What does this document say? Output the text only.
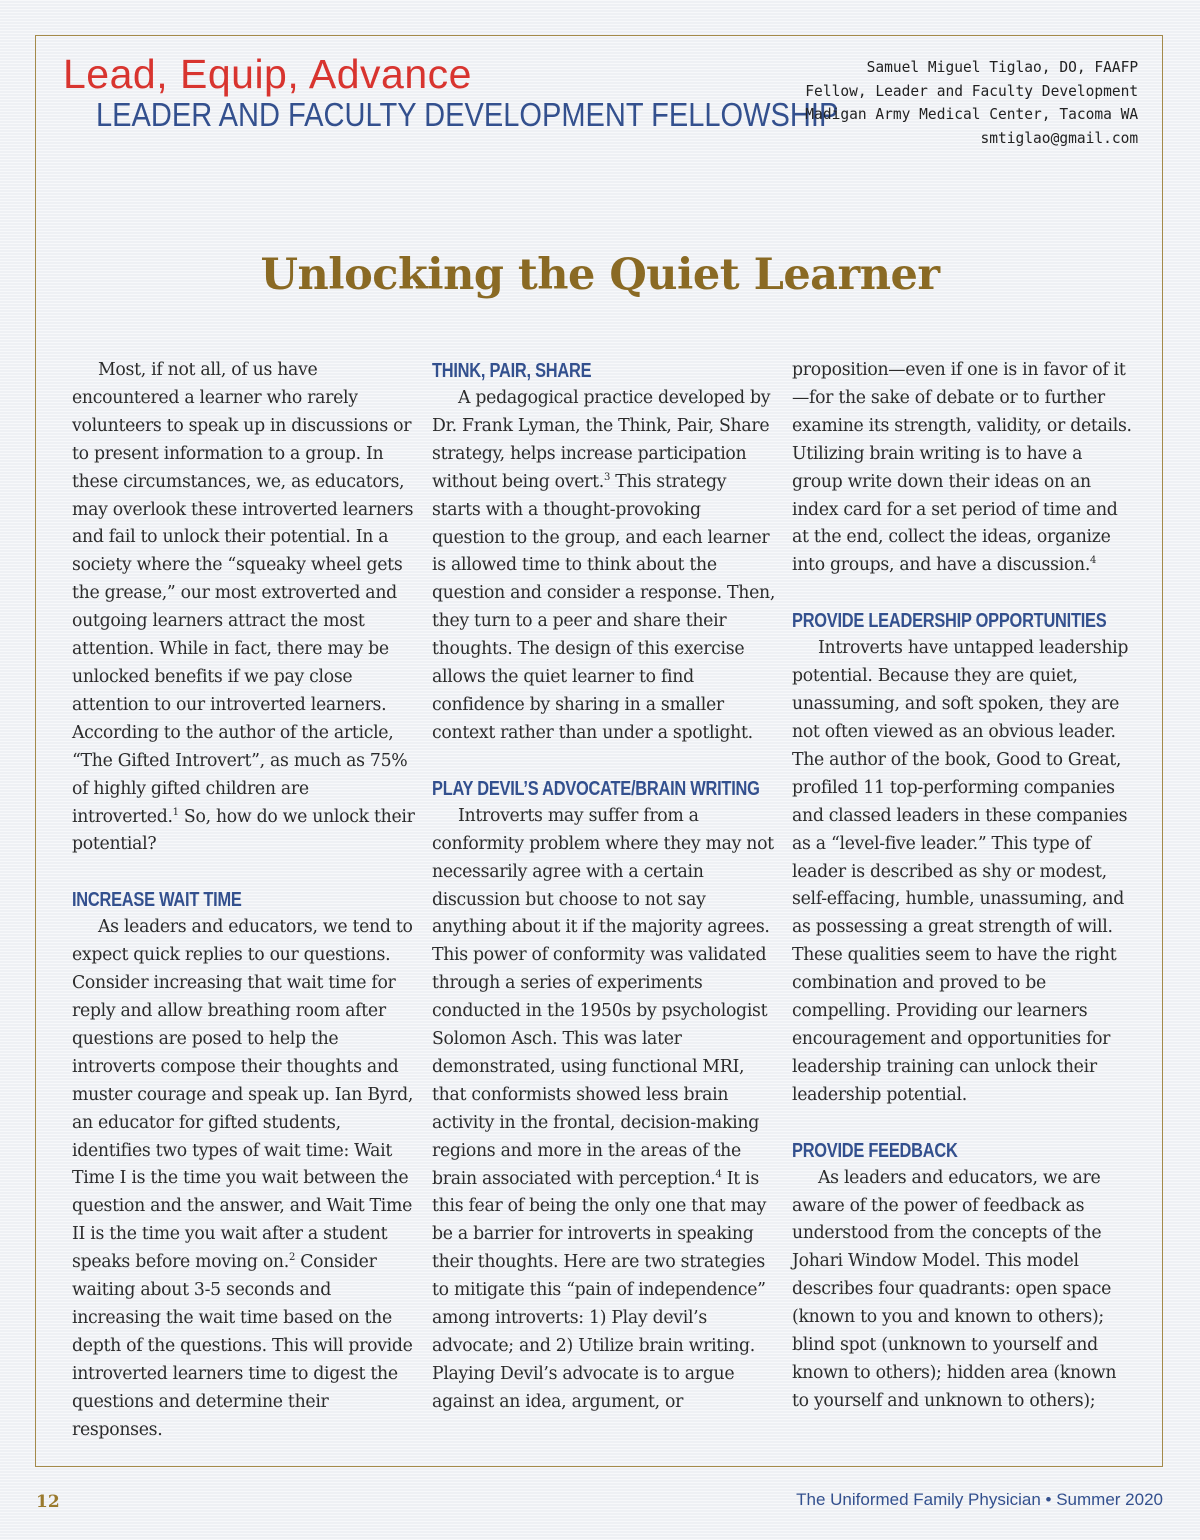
Lead, Equip, Advance
LEADER AND FACULTY DEVELOPMENT FELLOWSHIP
Samuel Miguel Tiglao, DO, FAAFP
Fellow, Leader and Faculty Development
Madigan Army Medical Center, Tacoma WA
smtiglao@gmail.com
Unlocking the Quiet Learner

Most, if not all, of us have encountered a learner who rarely volunteers to speak up in discussions or to present information to a group. In these circumstances, we, as educators, may overlook these introverted learners and fail to unlock their potential. In a society where the “squeaky wheel gets the grease,” our most extroverted and outgoing learners attract the most attention. While in fact, there may be unlocked benefits if we pay close attention to our introverted learners. According to the author of the article, “The Gifted Introvert”, as much as 75% of highly gifted children are introverted.$^1$ So, how do we unlock their potential?

INCREASE WAIT TIME

As leaders and educators, we tend to expect quick replies to our questions. Consider increasing that wait time for reply and allow breathing room after questions are posed to help the introverts compose their thoughts and muster courage and speak up. Ian Byrd, an educator for gifted students, identifies two types of wait time: Wait Time I is the time you wait between the question and the answer, and Wait Time II is the time you wait after a student speaks before moving on.$^2$ Consider waiting about 3-5 seconds and increasing the wait time based on the depth of the questions. This will provide introverted learners time to digest the questions and determine their responses.

THINK, PAIR, SHARE

A pedagogical practice developed by Dr. Frank Lyman, the Think, Pair, Share strategy, helps increase participation without being overt.$^3$ This strategy starts with a thought-provoking question to the group, and each learner is allowed time to think about the question and consider a response. Then, they turn to a peer and share their thoughts. The design of this exercise allows the quiet learner to find confidence by sharing in a smaller context rather than under a spotlight.

PLAY DEVIL’S ADVOCATE/BRAIN WRITING

Introverts may suffer from a conformity problem where they may not necessarily agree with a certain discussion but choose to not say anything about it if the majority agrees. This power of conformity was validated through a series of experiments conducted in the 1950s by psychologist Solomon Asch. This was later demonstrated, using functional MRI, that conformists showed less brain activity in the frontal, decision-making regions and more in the areas of the brain associated with perception.$^4$ It is this fear of being the only one that may be a barrier for introverts in speaking their thoughts. Here are two strategies to mitigate this “pain of independence” among introverts: 1) Play devil’s advocate; and 2) Utilize brain writing. Playing Devil’s advocate is to argue against an idea, argument, or

proposition—even if one is in favor of it—for the sake of debate or to further examine its strength, validity, or details. Utilizing brain writing is to have a group write down their ideas on an index card for a set period of time and at the end, collect the ideas, organize into groups, and have a discussion.$^4$

PROVIDE LEADERSHIP OPPORTUNITIES

Introverts have untapped leadership potential. Because they are quiet, unassuming, and soft spoken, they are not often viewed as an obvious leader. The author of the book, Good to Great, profiled 11 top-performing companies and classed leaders in these companies as a “level-five leader.” This type of leader is described as shy or modest, self-effacing, humble, unassuming, and as possessing a great strength of will. These qualities seem to have the right combination and proved to be compelling. Providing our learners encouragement and opportunities for leadership training can unlock their leadership potential.

PROVIDE FEEDBACK

As leaders and educators, we are aware of the power of feedback as understood from the concepts of the Johari Window Model. This model describes four quadrants: open space (known to you and known to others); blind spot (unknown to yourself and known to others); hidden area (known to yourself and unknown to others);

12	The Uniformed Family Physician • Summer 2020
